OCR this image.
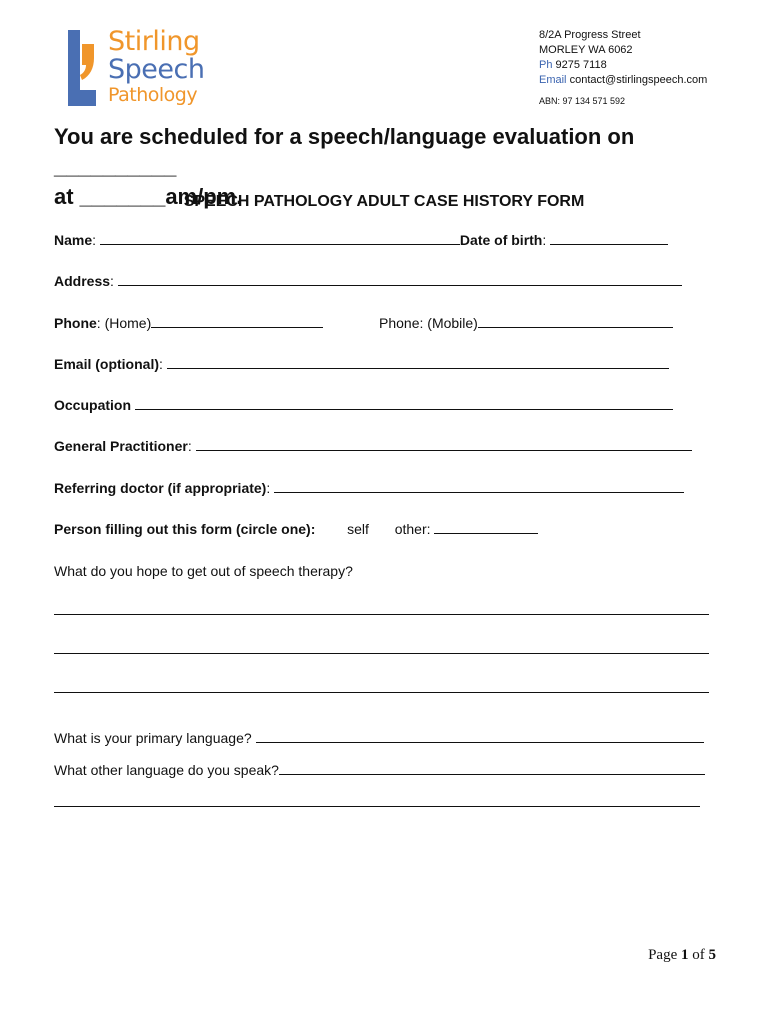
Stirling
Speech
Pathology
8/2A Progress Street
MORLEY WA 6062
Ph 9275 7118
Email contact@stirlingspeech.com
ABN: 97 134 571 592
You are scheduled for a speech/language evaluation on __________
at _______am/pm.
SPEECH PATHOLOGY ADULT CASE HISTORY FORM
Name:	Date of birth:
Address:
Phone: (Home)	Phone: (Mobile)
Email (optional):
Occupation
General Practitioner:
Referring doctor (if appropriate):
Person filling out this form (circle one): self other:
What do you hope to get out of speech therapy?
What is your primary language?
What other language do you speak?
Page 1 of 5
